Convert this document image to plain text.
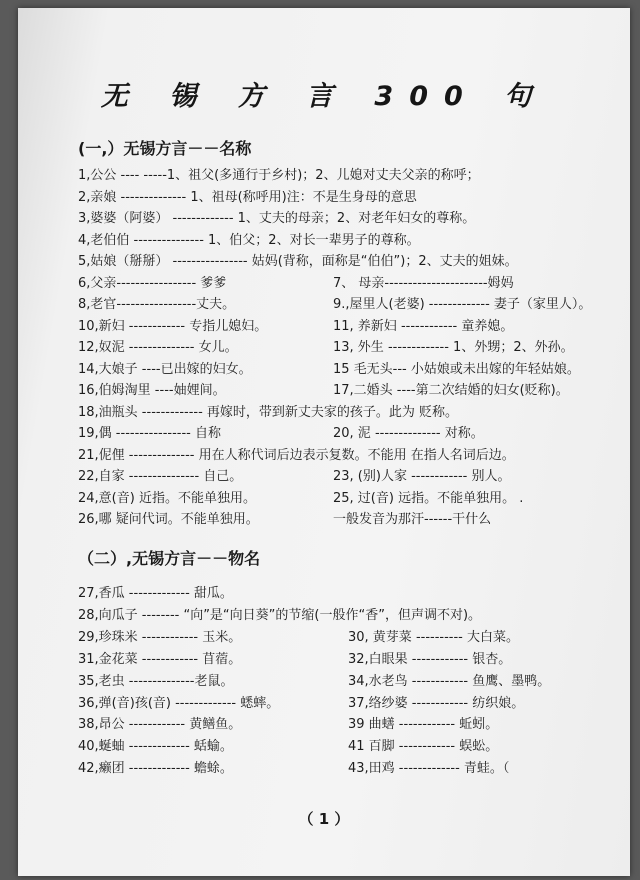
无 锡 方 言 300 句
(一,）无锡方言－－名称
1,公公 ---- -----1、祖父(多通行于乡村)；2、儿媳对丈夫父亲的称呼；
2,亲娘 -------------- 1、祖母(称呼用)注：不是生身母的意思
3,婆婆（阿婆） ------------- 1、丈夫的母亲；2、对老年妇女的尊称。
4,老伯伯 --------------- 1、伯父；2、对长一辈男子的尊称。
5,姑娘（掰掰） ---------------- 姑妈(背称，面称是“伯伯”)；2、丈夫的姐妹。
6,父亲----------------- 爹爹	7、 母亲----------------------姆妈
8,老官-----------------丈夫。	9.,屋里人(老婆) ------------- 妻子（家里人）。
10,新妇 ------------ 专指儿媳妇。	11, 养新妇 ------------ 童养媳。
12,奴泥 -------------- 女儿。	13, 外生 ------------- 1、外甥；2、外孙。
14,大娘子 ----已出嫁的妇女。	15 毛无头--- 小姑娘或未出嫁的年轻姑娘。
16,伯姆淘里 ----妯娌间。	17,二婚头 ----第二次结婚的妇女(贬称)。
18,油瓶头 ------------- 再嫁时，带到新丈夫家的孩子。此为 贬称。
19,偶 ---------------- 自称	20, 泥 -------------- 对称。
21,伲俚 -------------- 用在人称代词后边表示复数。不能用 在指人名词后边。
22,自家 --------------- 自己。	23, (别)人家 ------------ 别人。
24,意(音) 近指。不能单独用。	25, 过(音) 远指。不能单独用。 .
26,哪 疑问代词。不能单独用。	一般发音为那汗------干什么
（二）,无锡方言－－物名
27,香瓜 ------------- 甜瓜。
28,向瓜子 -------- “向”是“向日葵”的节缩(一般作“香”，但声调不对)。
29,珍珠米 ------------ 玉米。	30, 黄芽菜 ---------- 大白菜。
31,金花菜 ------------ 苜蓿。	32,白眼果 ------------ 银杏。
35,老虫 --------------老鼠。	34,水老鸟 ------------ 鱼鹰、墨鸭。
36,弹(音)孩(音) ------------- 蟋蟀。	37,络纱婆 ------------ 纺织娘。
38,昂公 ------------ 黄鳝鱼。	39 曲蟮 ------------ 蚯蚓。
40,蜒蚰 ------------- 蛞蝓。	41 百脚 ------------ 蜈蚣。
42,癞团 ------------- 蟾蜍。	43,田鸡 ------------- 青蛙。（
（ 1 ）
